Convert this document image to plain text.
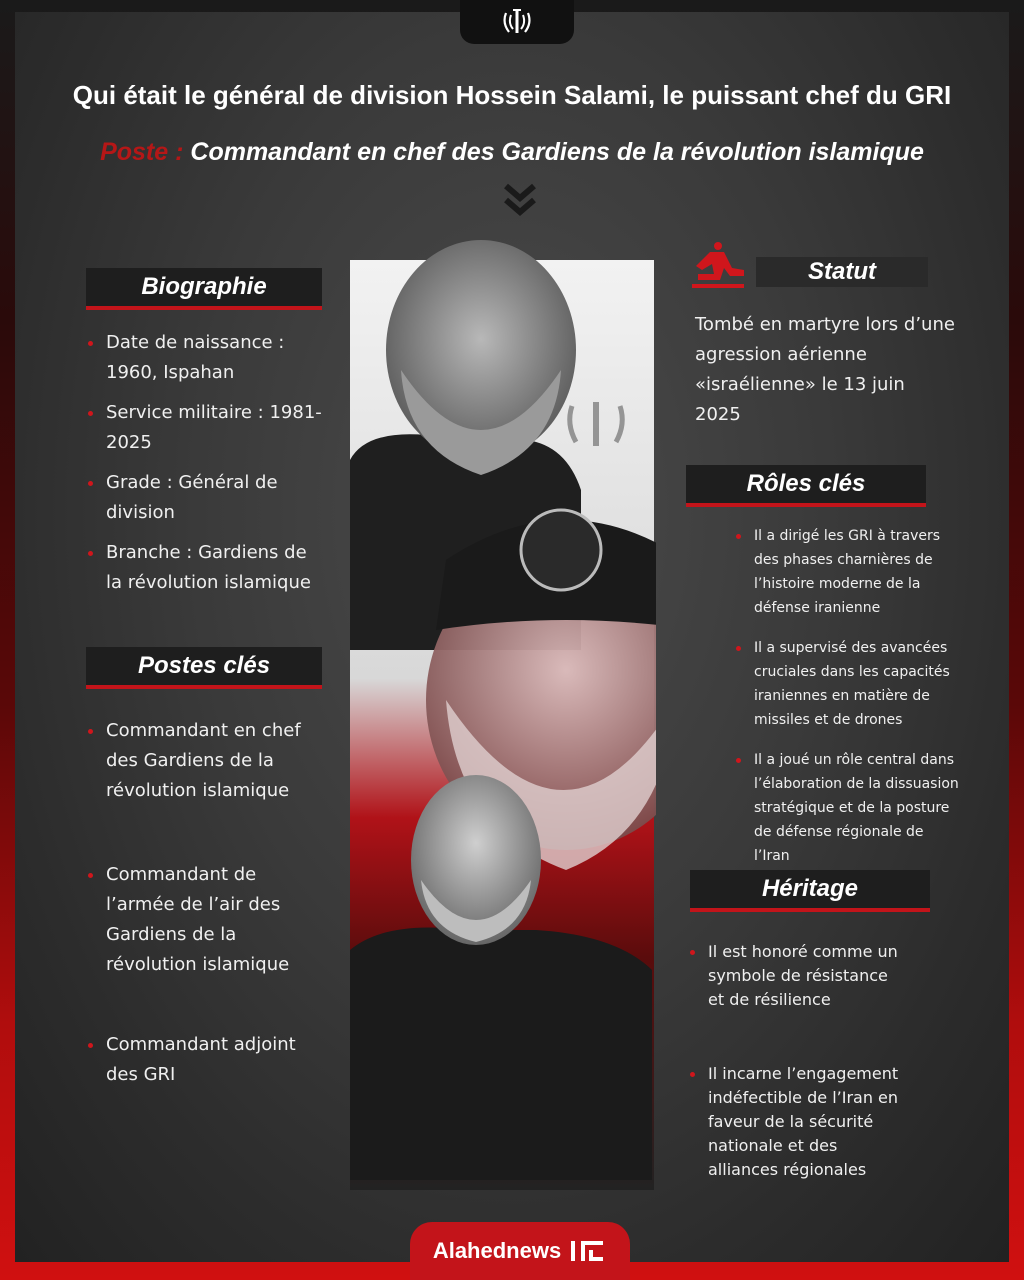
Qui était le général de division Hossein Salami, le puissant chef du GRI
Poste : Commandant en chef des Gardiens de la révolution islamique
Biographie
Date de naissance : 1960, Ispahan
Service militaire : 1981-2025
Grade : Général de division
Branche : Gardiens de la révolution islamique
Postes clés
Commandant en chef des Gardiens de la révolution islamique
Commandant de l’armée de l’air des Gardiens de la révolution islamique
Commandant adjoint des GRI
Statut
Tombé en martyre lors d’une agression aérienne «israélienne» le 13 juin 2025
Rôles clés
Il a dirigé les GRI à travers des phases charnières de l’histoire moderne de la défense iranienne
Il a supervisé des avancées cruciales dans les capacités iraniennes en matière de missiles et de drones
Il a joué un rôle central dans l’élaboration de la dissuasion stratégique et de la posture de défense régionale de l’Iran
Héritage
Il est honoré comme un symbole de résistance et de résilience
Il incarne l’engagement indéfectible de l’Iran en faveur de la sécurité nationale et des alliances régionales
Alahednews
